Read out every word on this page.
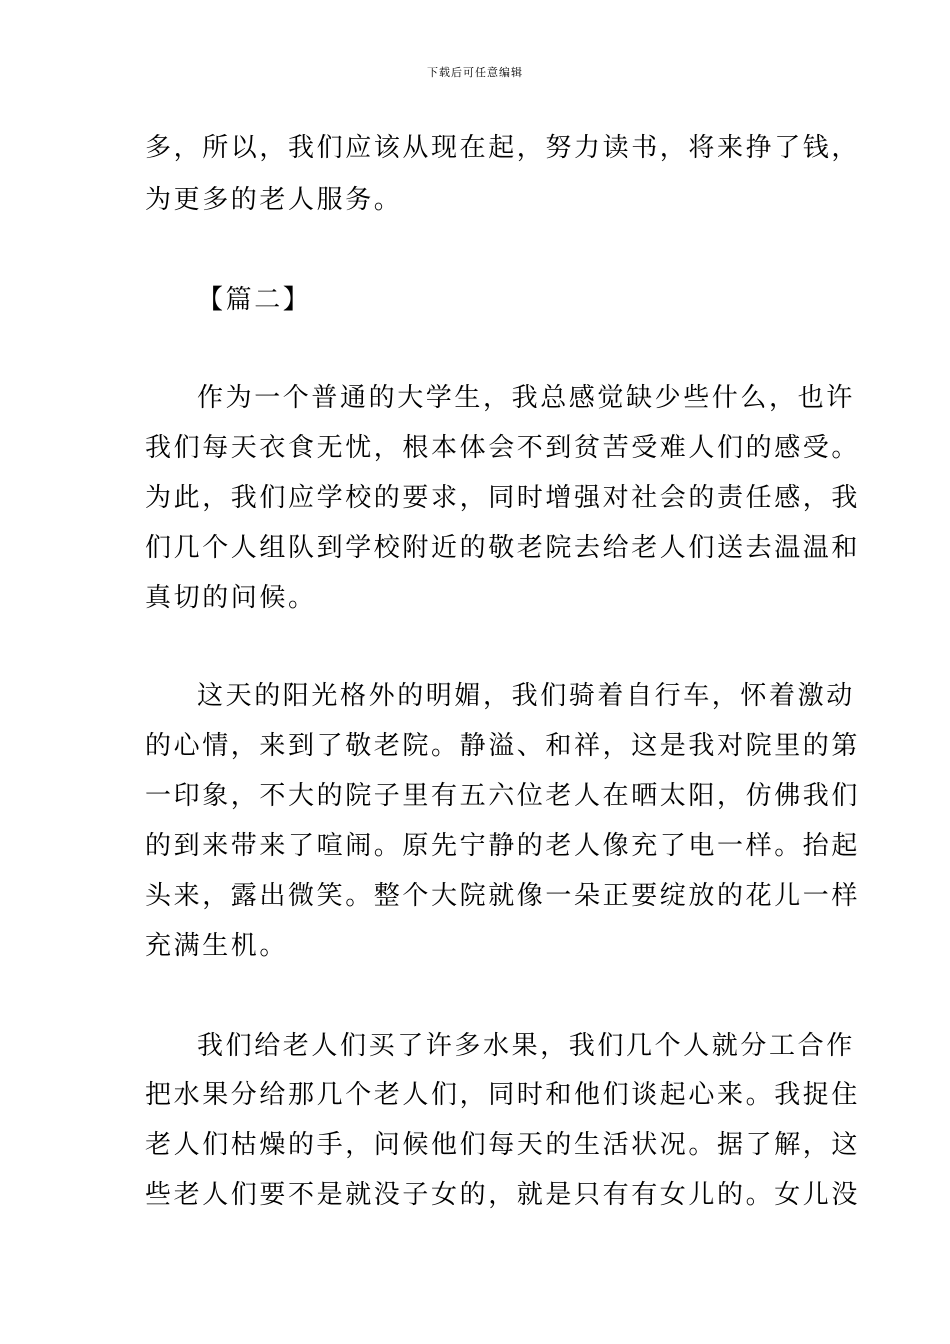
下载后可任意编辑
多，所以，我们应该从现在起，努力读书，将来挣了钱，
为更多的老人服务。
【篇二】
作为一个普通的大学生，我总感觉缺少些什么，也许
我们每天衣食无忧，根本体会不到贫苦受难人们的感受。
为此，我们应学校的要求，同时增强对社会的责任感，我
们几个人组队到学校附近的敬老院去给老人们送去温温和
真切的问候。
这天的阳光格外的明媚，我们骑着自行车，怀着激动
的心情，来到了敬老院。静溢、和祥，这是我对院里的第
一印象，不大的院子里有五六位老人在晒太阳，仿佛我们
的到来带来了喧闹。原先宁静的老人像充了电一样。抬起
头来，露出微笑。整个大院就像一朵正要绽放的花儿一样
充满生机。
我们给老人们买了许多水果，我们几个人就分工合作
把水果分给那几个老人们，同时和他们谈起心来。我捉住
老人们枯燥的手，问候他们每天的生活状况。据了解，这
些老人们要不是就没子女的，就是只有有女儿的。女儿没
